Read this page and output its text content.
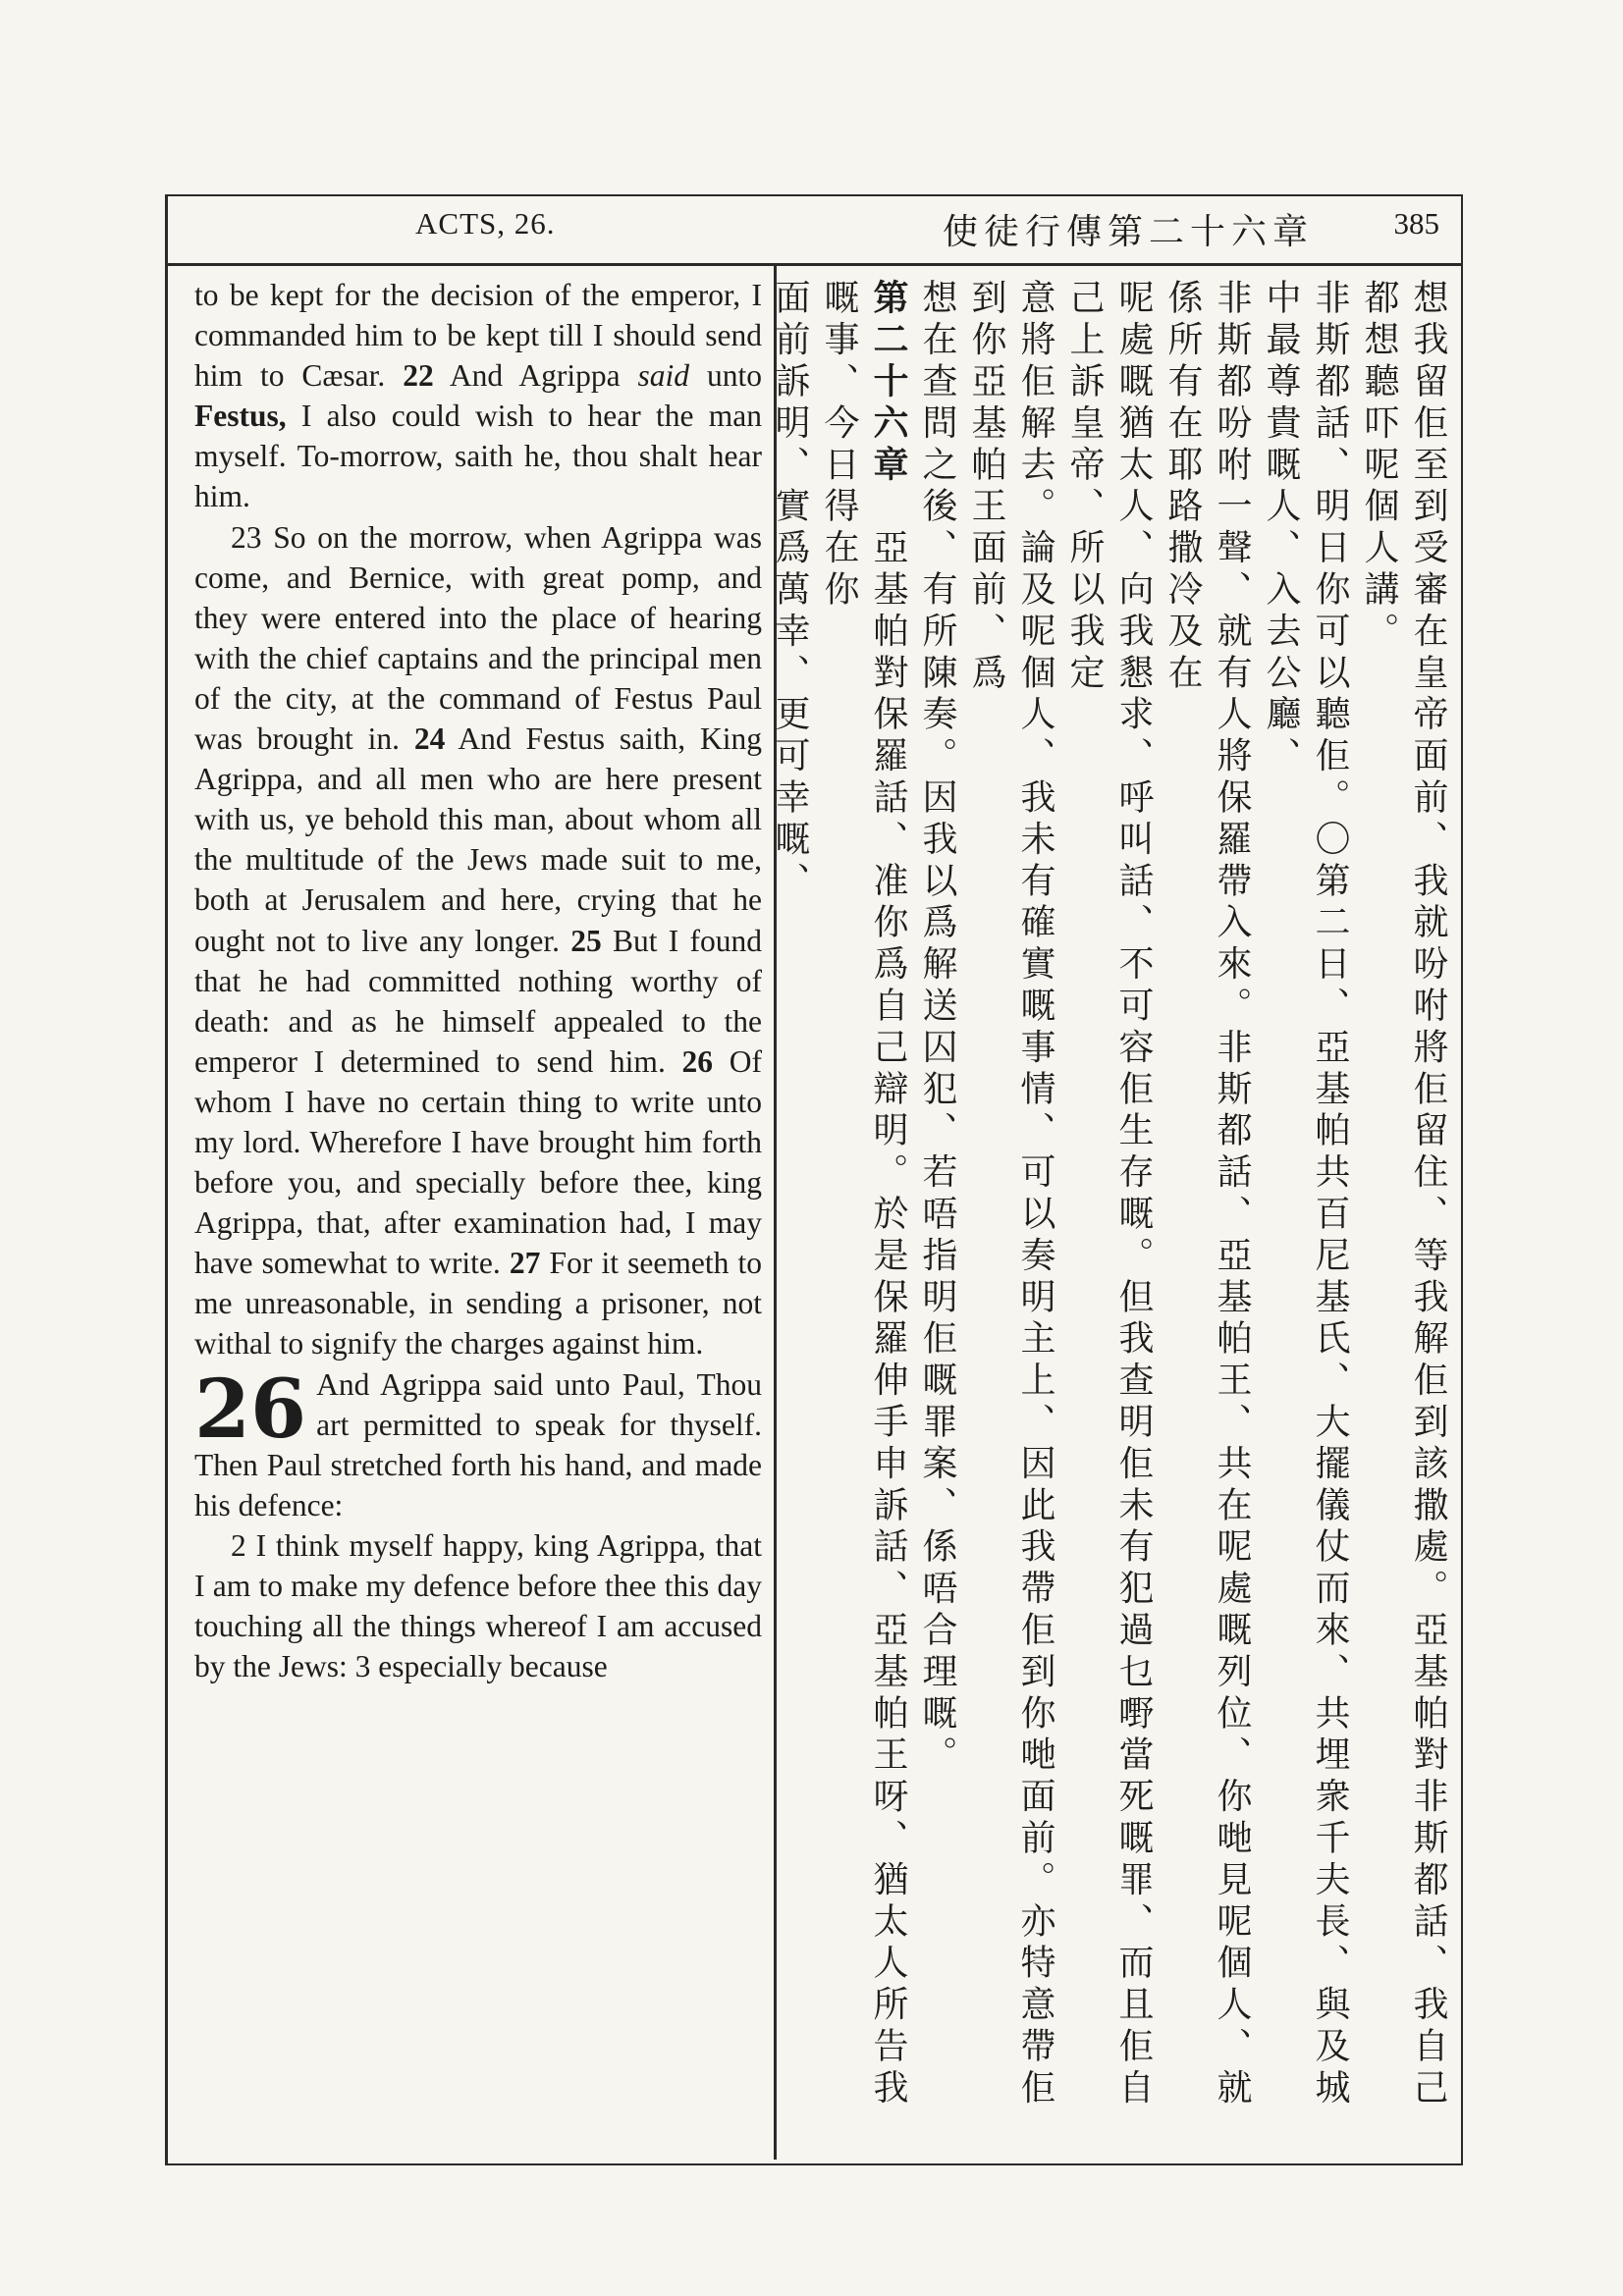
ACTS, 26.	使徒行傳第二十六章	385

to be kept for the decision of the emperor, I commanded him to be kept till I should send him to Cæsar. 22 And Agrippa said unto Festus, I also could wish to hear the man myself. To-morrow, saith he, thou shalt hear him.

23 So on the morrow, when Agrippa was come, and Bernice, with great pomp, and they were entered into the place of hearing with the chief captains and the principal men of the city, at the command of Festus Paul was brought in. 24 And Festus saith, King Agrippa, and all men who are here present with us, ye behold this man, about whom all the multitude of the Jews made suit to me, both at Jerusalem and here, crying that he ought not to live any longer. 25 But I found that he had committed nothing worthy of death: and as he himself appealed to the emperor I determined to send him. 26 Of whom I have no certain thing to write unto my lord. Wherefore I have brought him forth before you, and specially before thee, king Agrippa, that, after examination had, I may have somewhat to write. 27 For it seemeth to me unreasonable, in sending a prisoner, not withal to signify the charges against him.

26 And Agrippa said unto Paul, Thou art permitted to speak for thyself. Then Paul stretched forth his hand, and made his defence:

2 I think myself happy, king Agrippa, that I am to make my defence before thee this day touching all the things whereof I am accused by the Jews: 3 especially because	想我留佢至到受審在皇帝面前、我就吩咐將佢留住、等我解佢到該撒處。亞基帕對非斯都話、我自己都想聽吓呢個人講。
非斯都話、明日你可以聽佢。〇第二日、亞基帕共百尼基氏、大擺儀仗而來、共埋衆千夫長、與及城中最尊貴嘅人、入去公廳、
非斯都吩咐一聲、就有人將保羅帶入來。非斯都話、亞基帕王、共在呢處嘅列位、你哋見呢個人、就係所有在耶路撒冷及在
呢處嘅猶太人、向我懇求、呼叫話、不可容佢生存嘅。但我查明佢未有犯過乜嘢當死嘅罪、而且佢自己上訴皇帝、所以我定
意將佢解去。論及呢個人、我未有確實嘅事情、可以奏明主上、因此我帶佢到你哋面前。亦特意帶佢到你亞基帕王面前、爲
想在查問之後、有所陳奏。因我以爲解送囚犯、若唔指明佢嘅罪案、係唔合理嘅。
第二十六章　亞基帕對保羅話、准你爲自己辯明。於是保羅伸手申訴話、亞基帕王呀、猶太人所告我嘅事、今日得在你
面前訴明、實爲萬幸、更可幸嘅、
